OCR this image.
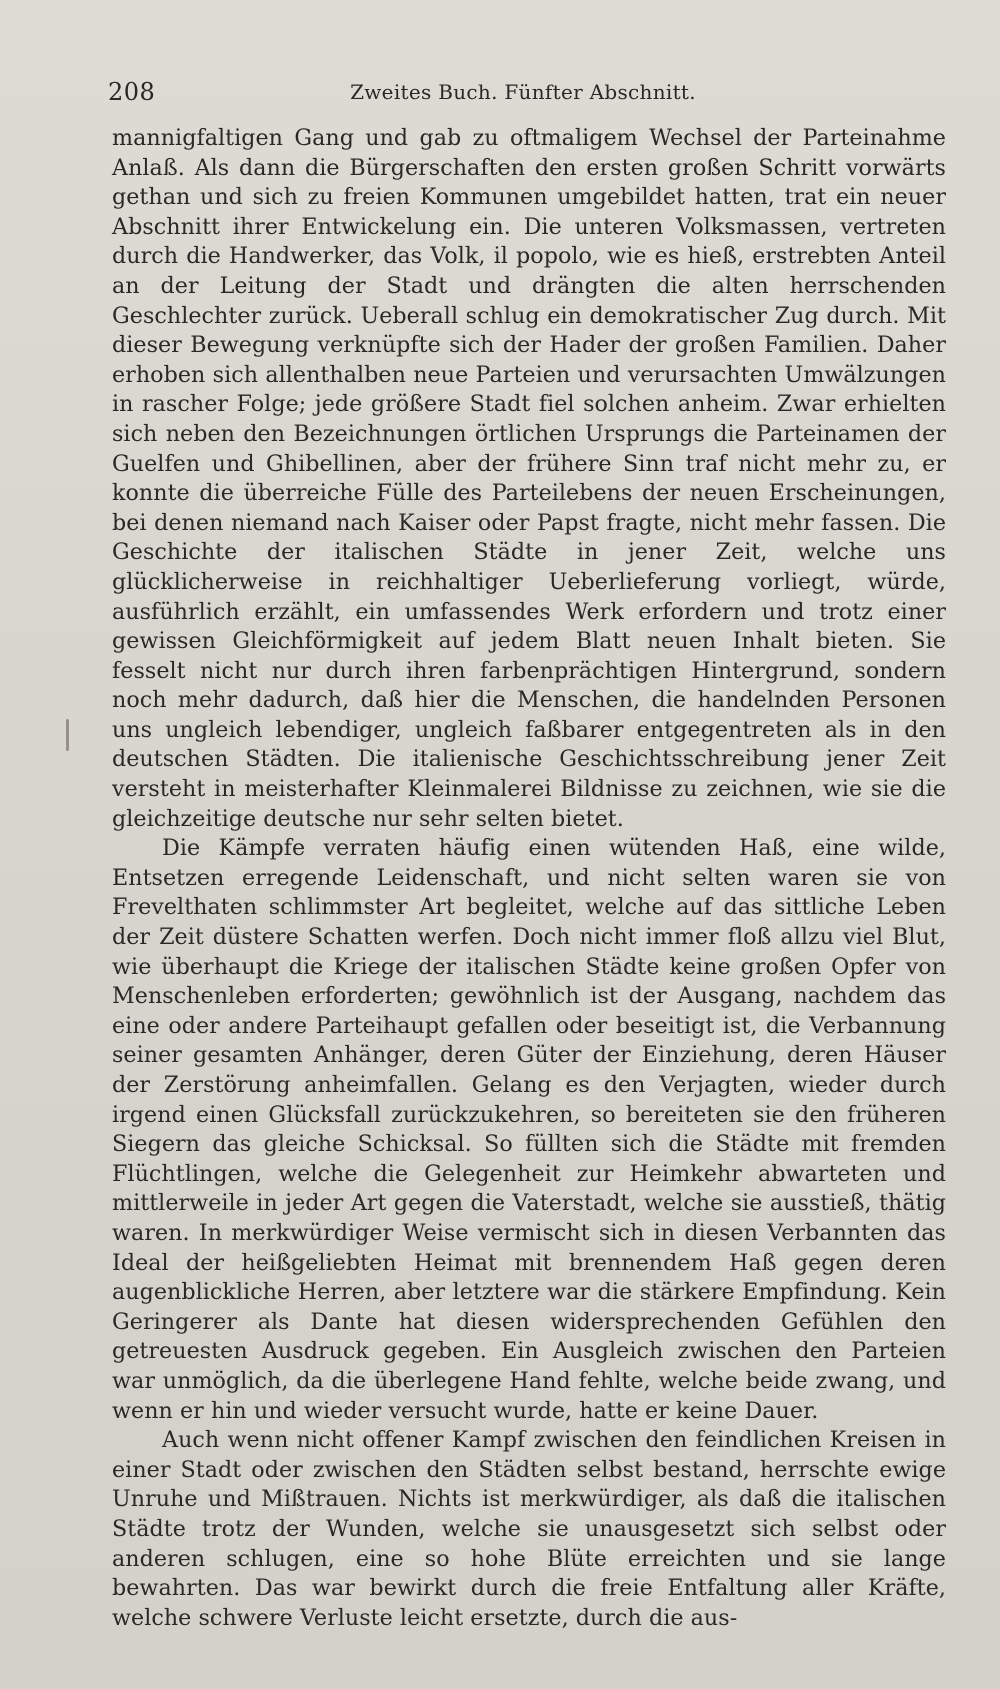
208	Zweites Buch. Fünfter Abschnitt.

mannigfaltigen Gang und gab zu oftmaligem Wechsel der Parteinahme Anlaß. Als dann die Bürgerschaften den ersten großen Schritt vorwärts gethan und sich zu freien Kommunen umgebildet hatten, trat ein neuer Abschnitt ihrer Entwickelung ein. Die unteren Volksmassen, vertreten durch die Handwerker, das Volk, il popolo, wie es hieß, erstrebten Anteil an der Leitung der Stadt und drängten die alten herrschenden Geschlechter zurück. Ueberall schlug ein demokratischer Zug durch. Mit dieser Bewegung verknüpfte sich der Hader der großen Familien. Daher erhoben sich allenthalben neue Parteien und verursachten Umwälzungen in rascher Folge; jede größere Stadt fiel solchen anheim. Zwar erhielten sich neben den Bezeichnungen örtlichen Ursprungs die Parteinamen der Guelfen und Ghibellinen, aber der frühere Sinn traf nicht mehr zu, er konnte die überreiche Fülle des Parteilebens der neuen Erscheinungen, bei denen niemand nach Kaiser oder Papst fragte, nicht mehr fassen. Die Geschichte der italischen Städte in jener Zeit, welche uns glücklicherweise in reichhaltiger Ueberlieferung vorliegt, würde, ausführlich erzählt, ein umfassendes Werk erfordern und trotz einer gewissen Gleichförmigkeit auf jedem Blatt neuen Inhalt bieten. Sie fesselt nicht nur durch ihren farbenprächtigen Hintergrund, sondern noch mehr dadurch, daß hier die Menschen, die handelnden Personen uns ungleich lebendiger, ungleich faßbarer entgegentreten als in den deutschen Städten. Die italienische Geschichtsschreibung jener Zeit versteht in meisterhafter Kleinmalerei Bildnisse zu zeichnen, wie sie die gleichzeitige deutsche nur sehr selten bietet.

Die Kämpfe verraten häufig einen wütenden Haß, eine wilde, Entsetzen erregende Leidenschaft, und nicht selten waren sie von Frevelthaten schlimmster Art begleitet, welche auf das sittliche Leben der Zeit düstere Schatten werfen. Doch nicht immer floß allzu viel Blut, wie überhaupt die Kriege der italischen Städte keine großen Opfer von Menschenleben erforderten; gewöhnlich ist der Ausgang, nachdem das eine oder andere Parteihaupt gefallen oder beseitigt ist, die Verbannung seiner gesamten Anhänger, deren Güter der Einziehung, deren Häuser der Zerstörung anheimfallen. Gelang es den Verjagten, wieder durch irgend einen Glücksfall zurückzukehren, so bereiteten sie den früheren Siegern das gleiche Schicksal. So füllten sich die Städte mit fremden Flüchtlingen, welche die Gelegenheit zur Heimkehr abwarteten und mittlerweile in jeder Art gegen die Vaterstadt, welche sie ausstieß, thätig waren. In merkwürdiger Weise vermischt sich in diesen Verbannten das Ideal der heißgeliebten Heimat mit brennendem Haß gegen deren augenblickliche Herren, aber letztere war die stärkere Empfindung. Kein Geringerer als Dante hat diesen widersprechenden Gefühlen den getreuesten Ausdruck gegeben. Ein Ausgleich zwischen den Parteien war unmöglich, da die überlegene Hand fehlte, welche beide zwang, und wenn er hin und wieder versucht wurde, hatte er keine Dauer.

Auch wenn nicht offener Kampf zwischen den feindlichen Kreisen in einer Stadt oder zwischen den Städten selbst bestand, herrschte ewige Unruhe und Mißtrauen. Nichts ist merkwürdiger, als daß die italischen Städte trotz der Wunden, welche sie unausgesetzt sich selbst oder anderen schlugen, eine so hohe Blüte erreichten und sie lange bewahrten. Das war bewirkt durch die freie Entfaltung aller Kräfte, welche schwere Verluste leicht ersetzte, durch die aus-
